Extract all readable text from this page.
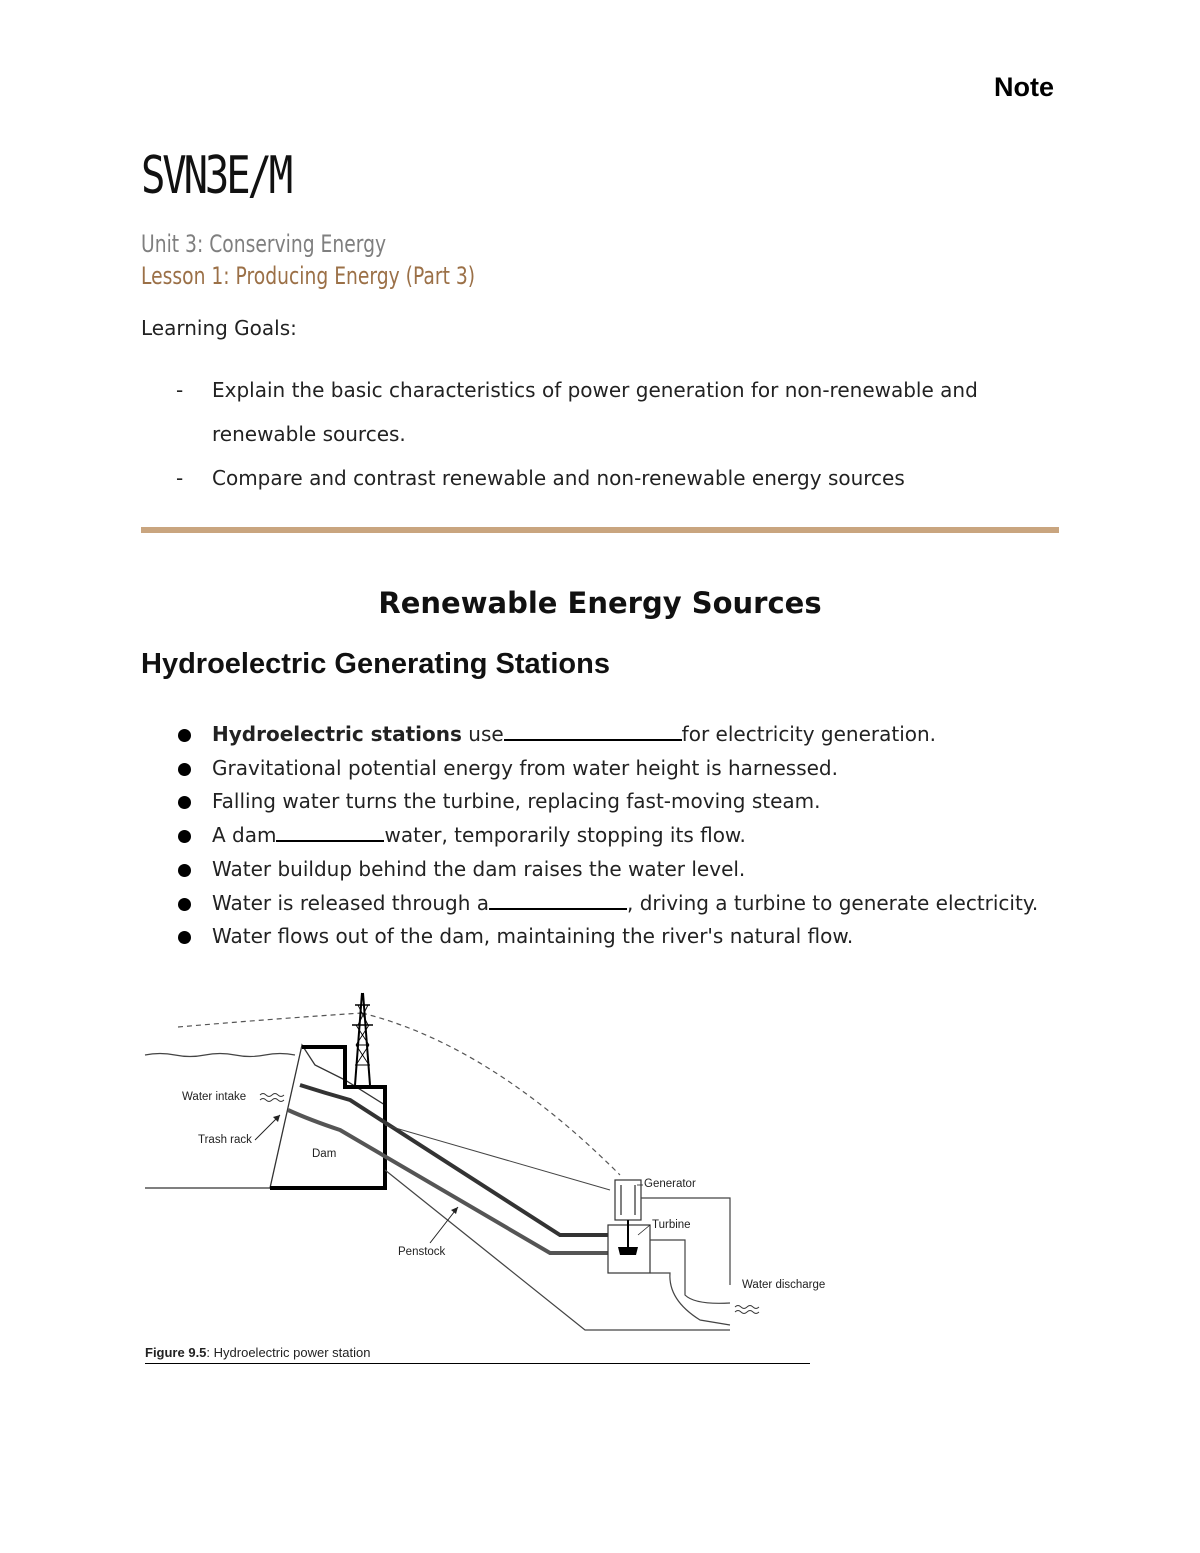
Note
SVN3E/M
Unit 3: Conserving Energy
Lesson 1: Producing Energy (Part 3)
Learning Goals:
- Explain the basic characteristics of power generation for non-renewable and renewable sources.
- Compare and contrast renewable and non-renewable energy sources
Renewable Energy Sources
Hydroelectric Generating Stations
Hydroelectric stations use	for electricity generation.
Gravitational potential energy from water height is harnessed.
Falling water turns the turbine, replacing fast-moving steam.
A dam	water, temporarily stopping its flow.
Water buildup behind the dam raises the water level.
Water is released through a	, driving a turbine to generate electricity.
Water flows out of the dam, maintaining the river's natural flow.
Water intake
Trash rack
Dam
Penstock
Generator
Turbine
Water discharge
Figure 9.5: Hydroelectric power station
